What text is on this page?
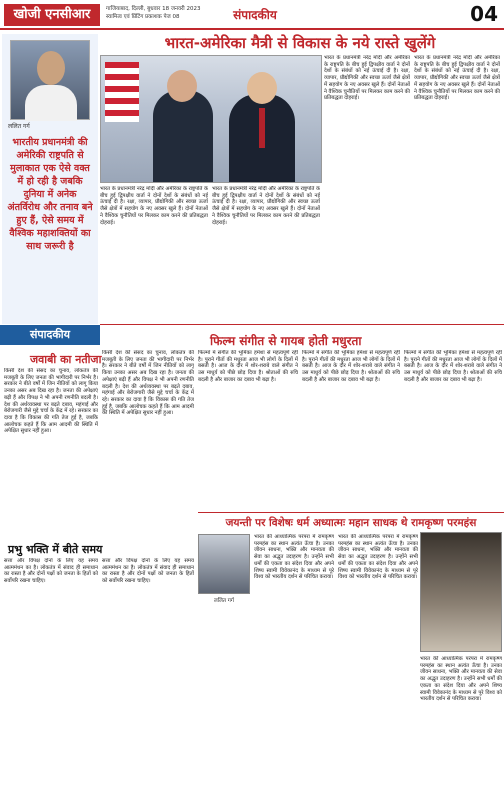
खोजी एनसीआर	गाजियाबाद, दिल्ली, बुधवार 18 जनवरी 2023
स्वामित्व एवं प्रिंटिंग प्रकाशक पेज 08	संपादकीय	04
भारत-अमेरिका मैत्री से विकास के नये रास्ते खुलेंगे
ललित गर्ग
भारतीय प्रधानमंत्री की अमेरिकी राष्ट्रपति से मुलाकात एक ऐसे वक्त में हो रही है जबकि दुनिया में अनेक अंतर्विरोध और तनाव बने हुए हैं, ऐसे समय में वैश्विक महाशक्तियों का साथ जरूरी है
भारत के प्रधानमंत्री नरेंद्र मोदी और अमेरिका के राष्ट्रपति के बीच हुई द्विपक्षीय वार्ता ने दोनों देशों के संबंधों को नई ऊंचाई दी है। रक्षा, व्यापार, प्रौद्योगिकी और स्वच्छ ऊर्जा जैसे क्षेत्रों में सहयोग के नए अवसर खुले हैं। दोनों नेताओं ने वैश्विक चुनौतियों पर मिलकर काम करने की प्रतिबद्धता दोहराई।
भारत के प्रधानमंत्री नरेंद्र मोदी और अमेरिका के राष्ट्रपति के बीच हुई द्विपक्षीय वार्ता ने दोनों देशों के संबंधों को नई ऊंचाई दी है। रक्षा, व्यापार, प्रौद्योगिकी और स्वच्छ ऊर्जा जैसे क्षेत्रों में सहयोग के नए अवसर खुले हैं। दोनों नेताओं ने वैश्विक चुनौतियों पर मिलकर काम करने की प्रतिबद्धता दोहराई।
भारत के प्रधानमंत्री नरेंद्र मोदी और अमेरिका के राष्ट्रपति के बीच हुई द्विपक्षीय वार्ता ने दोनों देशों के संबंधों को नई ऊंचाई दी है। रक्षा, व्यापार, प्रौद्योगिकी और स्वच्छ ऊर्जा जैसे क्षेत्रों में सहयोग के नए अवसर खुले हैं। दोनों नेताओं ने वैश्विक चुनौतियों पर मिलकर काम करने की प्रतिबद्धता दोहराई।
भारत के प्रधानमंत्री नरेंद्र मोदी और अमेरिका के राष्ट्रपति के बीच हुई द्विपक्षीय वार्ता ने दोनों देशों के संबंधों को नई ऊंचाई दी है। रक्षा, व्यापार, प्रौद्योगिकी और स्वच्छ ऊर्जा जैसे क्षेत्रों में सहयोग के नए अवसर खुले हैं। दोनों नेताओं ने वैश्विक चुनौतियों पर मिलकर काम करने की प्रतिबद्धता दोहराई।
संपादकीय
जवाबी का नतीजा
किसी देश की संसद का चुनाव, लोकतंत्र की मजबूती के लिए जनता की भागीदारी पर निर्भर है। सरकार ने बीते वर्षों में जिन नीतियों को लागू किया उनका असर अब दिख रहा है। जनता की अपेक्षाएं बढ़ी हैं और विपक्ष ने भी अपनी रणनीति बदली है। देश की अर्थव्यवस्था पर बढ़ते दबाव, महंगाई और बेरोजगारी जैसे मुद्दे चर्चा के केंद्र में रहे। सरकार का दावा है कि विकास की गति तेज हुई है, जबकि आलोचक कहते हैं कि आम आदमी की स्थिति में अपेक्षित सुधार नहीं हुआ।
किसी देश की संसद का चुनाव, लोकतंत्र की मजबूती के लिए जनता की भागीदारी पर निर्भर है। सरकार ने बीते वर्षों में जिन नीतियों को लागू किया उनका असर अब दिख रहा है। जनता की अपेक्षाएं बढ़ी हैं और विपक्ष ने भी अपनी रणनीति बदली है। देश की अर्थव्यवस्था पर बढ़ते दबाव, महंगाई और बेरोजगारी जैसे मुद्दे चर्चा के केंद्र में रहे। सरकार का दावा है कि विकास की गति तेज हुई है, जबकि आलोचक कहते हैं कि आम आदमी की स्थिति में अपेक्षित सुधार नहीं हुआ।
प्रभु भक्ति में बीते समय
सत्ता और विपक्ष दोनों के लिए यह समय आत्ममंथन का है। लोकतंत्र में संवाद ही समाधान का रास्ता है और दोनों पक्षों को जनता के हितों को सर्वोपरि रखना चाहिए।
सत्ता और विपक्ष दोनों के लिए यह समय आत्ममंथन का है। लोकतंत्र में संवाद ही समाधान का रास्ता है और दोनों पक्षों को जनता के हितों को सर्वोपरि रखना चाहिए।
फिल्म संगीत से गायब होती मधुरता
फिल्मों में संगीत की भूमिका हमेशा से महत्वपूर्ण रही है। पुराने गीतों की मधुरता आज भी लोगों के दिलों में बसती है। आज के दौर में शोर-शराबे वाले संगीत ने उस माधुर्य को पीछे छोड़ दिया है। श्रोताओं की रुचि बदली है और बाजार का दबाव भी बढ़ा है।
फिल्मों में संगीत की भूमिका हमेशा से महत्वपूर्ण रही है। पुराने गीतों की मधुरता आज भी लोगों के दिलों में बसती है। आज के दौर में शोर-शराबे वाले संगीत ने उस माधुर्य को पीछे छोड़ दिया है। श्रोताओं की रुचि बदली है और बाजार का दबाव भी बढ़ा है।
फिल्मों में संगीत की भूमिका हमेशा से महत्वपूर्ण रही है। पुराने गीतों की मधुरता आज भी लोगों के दिलों में बसती है। आज के दौर में शोर-शराबे वाले संगीत ने उस माधुर्य को पीछे छोड़ दिया है। श्रोताओं की रुचि बदली है और बाजार का दबाव भी बढ़ा है।
जयन्ती पर विशेषः धर्म अध्यात्मः महान साधक थे रामकृष्ण परमहंस
ललित गर्ग
भारत की आध्यात्मिक परंपरा में रामकृष्ण परमहंस का स्थान अत्यंत ऊँचा है। उनका जीवन साधना, भक्ति और मानवता की सेवा का अद्भुत उदाहरण है। उन्होंने सभी धर्मों की एकता का संदेश दिया और अपने शिष्य स्वामी विवेकानंद के माध्यम से पूरे विश्व को भारतीय दर्शन से परिचित कराया।
भारत की आध्यात्मिक परंपरा में रामकृष्ण परमहंस का स्थान अत्यंत ऊँचा है। उनका जीवन साधना, भक्ति और मानवता की सेवा का अद्भुत उदाहरण है। उन्होंने सभी धर्मों की एकता का संदेश दिया और अपने शिष्य स्वामी विवेकानंद के माध्यम से पूरे विश्व को भारतीय दर्शन से परिचित कराया।
भारत की आध्यात्मिक परंपरा में रामकृष्ण परमहंस का स्थान अत्यंत ऊँचा है। उनका जीवन साधना, भक्ति और मानवता की सेवा का अद्भुत उदाहरण है। उन्होंने सभी धर्मों की एकता का संदेश दिया और अपने शिष्य स्वामी विवेकानंद के माध्यम से पूरे विश्व को भारतीय दर्शन से परिचित कराया।
